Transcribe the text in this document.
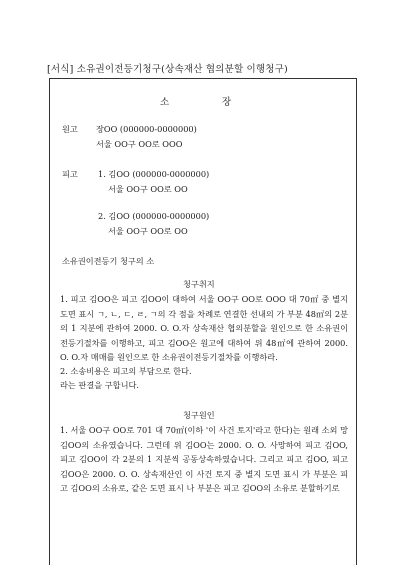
[서식] 소유권이전등기청구(상속재산 협의분할 이행청구)
소	장
원고 장OO (000000-0000000)
서울 OO구 OO로 OOO
피고 1. 김OO (000000-0000000)
서울 OO구 OO로 OO
2. 김OO (000000-0000000)
서울 OO구 OO로 OO
소유권이전등기 청구의 소
청구취지
1. 피고 김OO은 피고 김OO이 대하여 서울 OO구 OO로 OOO 대 70㎡ 중 별지 도면 표시 ㄱ, ㄴ, ㄷ, ㄹ, ㄱ의 각 점을 차례로 연결한 선내의 가 부분 48㎡의 2분의 1 지분에 관하여 2000. O. O.자 상속재산 협의분할을 원인으로 한 소유권이전등기절차를 이행하고, 피고 김OO은 원고에 대하여 위 48㎡에 관하여 2000. O. O.자 매매를 원인으로 한 소유권이전등기절차를 이행하라.
2. 소송비용은 피고의 부담으로 한다.
라는 판결을 구합니다.
청구원인
1. 서울 OO구 OO로 701 대 70㎡(이하 '이 사건 토지'라고 한다)는 원래 소외 망 김OO의 소유였습니다. 그런데 위 김OO는 2000. O. O. 사망하여 피고 김OO, 피고 김OO이 각 2분의 1 지분씩 공동상속하였습니다. 그리고 피고 김OO, 피고 김OO은 2000. O. O. 상속재산인 이 사건 토지 중 별지 도면 표시 가 부분은 피고 김OO의 소유로, 같은 도면 표시 나 부분은 피고 김OO의 소유로 분할하기로
